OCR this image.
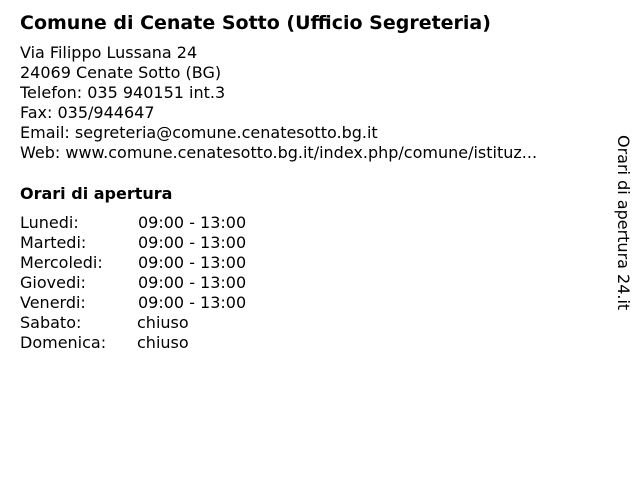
Comune di Cenate Sotto (Ufficio Segreteria)
Via Filippo Lussana 24
24069 Cenate Sotto (BG)
Telefon: 035 940151 int.3
Fax: 035/944647
Email: segreteria@comune.cenatesotto.bg.it
Web: www.comune.cenatesotto.bg.it/index.php/comune/istituz...
Orari di apertura
Lunedi:	09:00 - 13:00
Martedi:	09:00 - 13:00
Mercoledi: 09:00 - 13:00
Giovedi:	09:00 - 13:00
Venerdi:	09:00 - 13:00
Sabato:	chiuso
Domenica: chiuso
Orari di apertura 24.it
